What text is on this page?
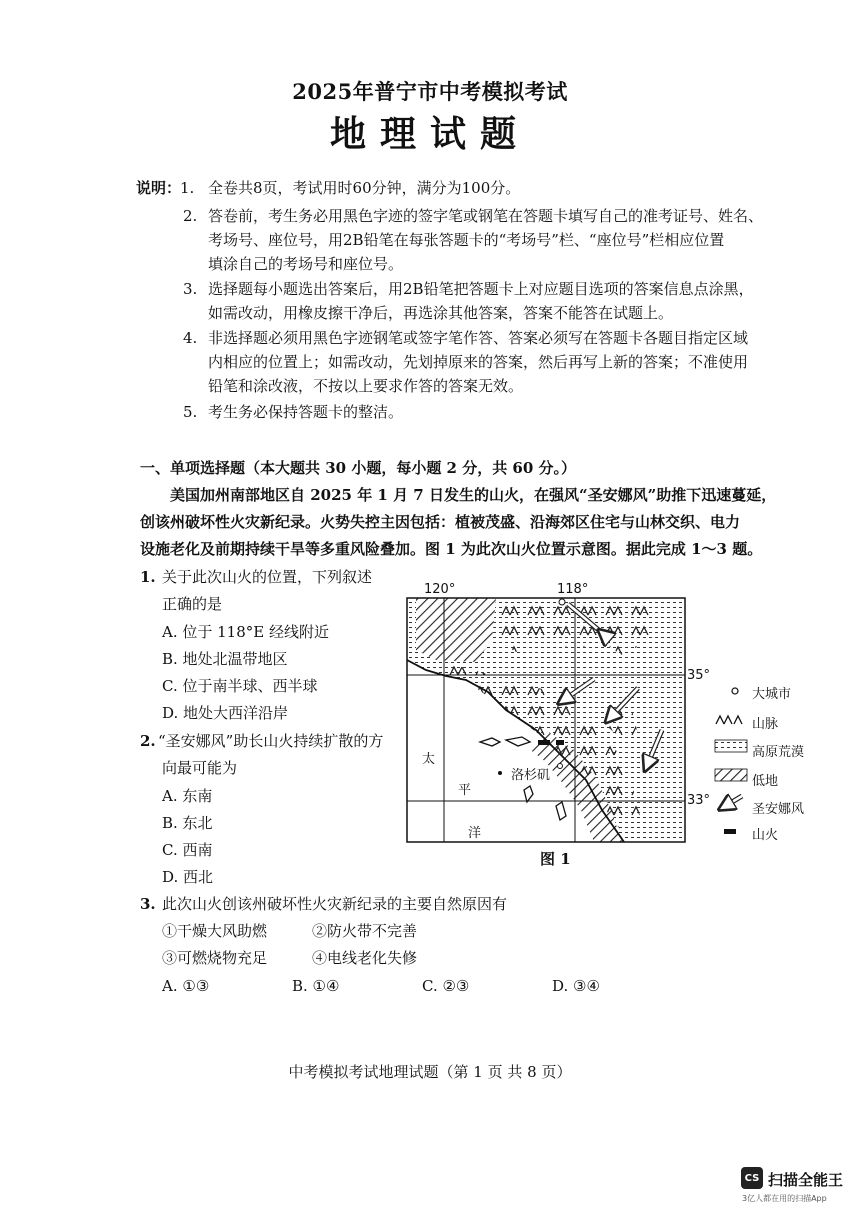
2025年普宁市中考模拟考试
地理试题
说明：
1. 全卷共8页，考试用时60分钟，满分为100分。
2. 答卷前，考生务必用黑色字迹的签字笔或钢笔在答题卡填写自己的准考证号、姓名、
考场号、座位号，用2B铅笔在每张答题卡的“考场号”栏、“座位号”栏相应位置
填涂自己的考场号和座位号。
3. 选择题每小题选出答案后，用2B铅笔把答题卡上对应题目选项的答案信息点涂黑，
如需改动，用橡皮擦干净后，再选涂其他答案，答案不能答在试题上。
4. 非选择题必须用黑色字迹钢笔或签字笔作答、答案必须写在答题卡各题目指定区域
内相应的位置上；如需改动，先划掉原来的答案，然后再写上新的答案；不准使用
铅笔和涂改液，不按以上要求作答的答案无效。
5. 考生务必保持答题卡的整洁。
一、单项选择题（本大题共 30 小题，每小题 2 分，共 60 分。）
美国加州南部地区自 2025 年 1 月 7 日发生的山火，在强风“圣安娜风”助推下迅速蔓延，
创该州破坏性火灾新纪录。火势失控主因包括：植被茂盛、沿海郊区住宅与山林交织、电力
设施老化及前期持续干旱等多重风险叠加。图 1 为此次山火位置示意图。据此完成 1～3 题。
1. 关于此次山火的位置，下列叙述
正确的是
A. 位于 118°E 经线附近
B. 地处北温带地区
C. 位于南半球、西半球
D. 地处大西洋沿岸
2. “圣安娜风”助长山火持续扩散的方
向最可能为
A. 东南
B. 东北
C. 西南
D. 西北
3. 此次山火创该州破坏性火灾新纪录的主要自然原因有
①干燥大风助燃	②防火带不完善
③可燃烧物充足	④电线老化失修
A. ①③	B. ①④	C. ②③	D. ③④
120°	118°
35°
33°
太
平
洋
洛杉矶
图 1
大城市
山脉
高原荒漠
低地
圣安娜风
山火
中考模拟考试地理试题（第 1 页 共 8 页）
CS 扫描全能王
3亿人都在用的扫描App
